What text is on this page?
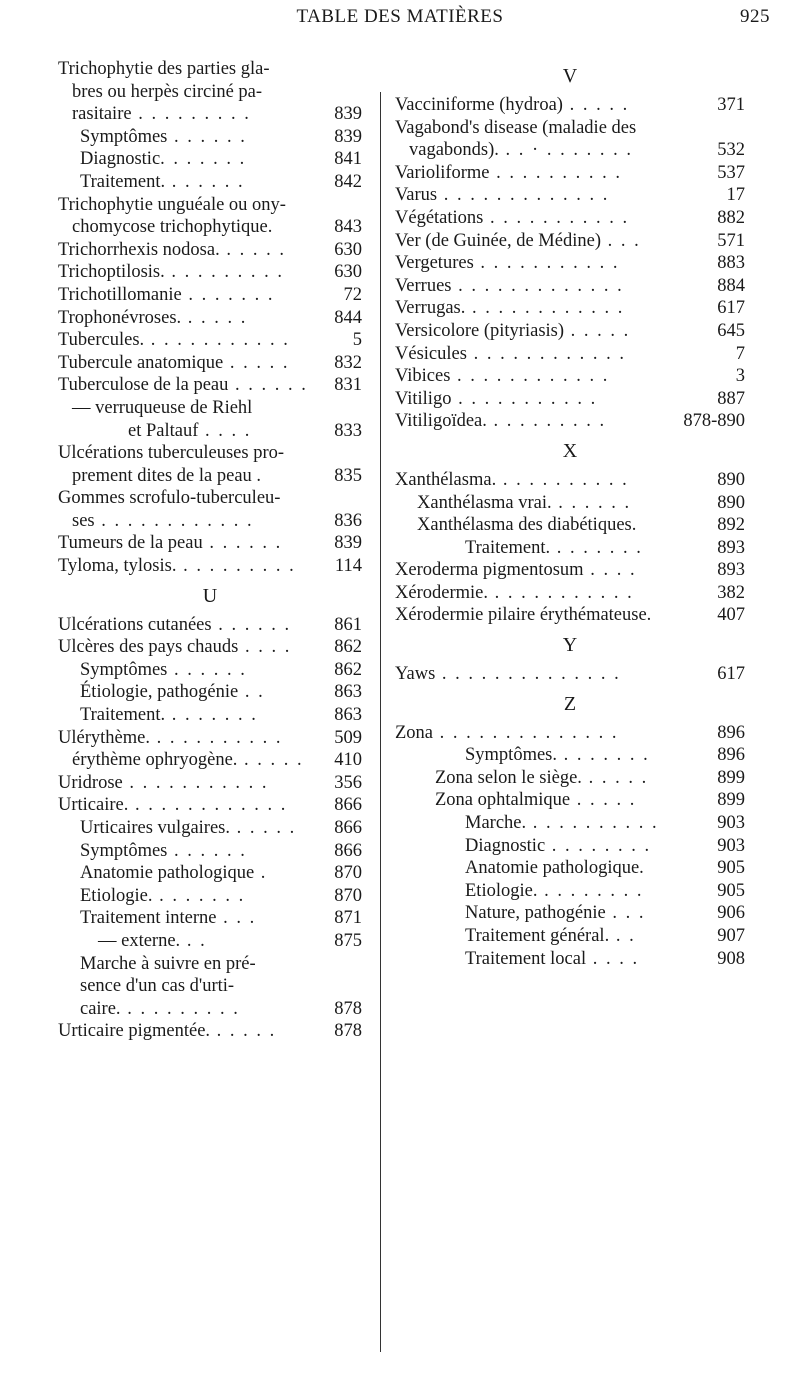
TABLE DES MATIÈRES	925
Trichophytie des parties gla-
bres ou herpès circiné pa-
rasitaire . . . . . . . . .	839
Symptômes . . . . . .	839
Diagnostic. . . . . . .	841
Traitement. . . . . . .	842
Trichophytie unguéale ou ony-
chomycose trichophytique.	843
Trichorrhexis nodosa. . . . . .	630
Trichoptilosis. . . . . . . . . .	630
Trichotillomanie . . . . . . .	72
Trophonévroses. . . . . .	844
Tubercules. . . . . . . . . . . .	5
Tubercule anatomique . . . . . 832
Tuberculose de la peau . . . . . . 831
— verruqueuse de Riehl
et Paltauf . . . .	833
Ulcérations tuberculeuses pro-
prement dites de la peau .	835
Gommes scrofulo-tuberculeu-
ses . . . . . . . . . . . .	836
Tumeurs de la peau . . . . . .	839
Tyloma, tylosis. . . . . . . . . . 114
U
Ulcérations cutanées . . . . . . 861
Ulcères des pays chauds . . . . 862
Symptômes . . . . . .	862
Étiologie, pathogénie . .	863
Traitement. . . . . . . .	863
Ulérythème. . . . . . . . . . .	509
érythème ophryogène. . . . . . 410
Uridrose . . . . . . . . . . .	356
Urticaire. . . . . . . . . . . . .	866
Urticaires vulgaires. . . . . . 866
Symptômes . . . . . .	866
Anatomie pathologique .	870
Etiologie. . . . . . . .	870
Traitement interne . . .	871
— externe. . .	875
Marche à suivre en pré-
sence d'un cas d'urti-
caire. . . . . . . . . .	878
Urticaire pigmentée. . . . . .	878
V
Vacciniforme (hydroa) . . . . .	371
Vagabond's disease (maladie des
vagabonds). . . · . . . . . . .	532
Varioliforme . . . . . . . . . .	537
Varus . . . . . . . . . . . . .	17
Végétations . . . . . . . . . . .	882
Ver (de Guinée, de Médine) . . .	571
Vergetures . . . . . . . . . . .	883
Verrues . . . . . . . . . . . . .	884
Verrugas. . . . . . . . . . . . .	617
Versicolore (pityriasis) . . . . .	645
Vésicules . . . . . . . . . . . .	7
Vibices . . . . . . . . . . . .	3
Vitiligo . . . . . . . . . . .	887
Vitiligoïdea. . . . . . . . . .	878-890
X
Xanthélasma. . . . . . . . . . .	890
Xanthélasma vrai. . . . . . .	890
Xanthélasma des diabétiques.	892
Traitement. . . . . . . .	893
Xeroderma pigmentosum . . . .	893
Xérodermie. . . . . . . . . . . .	382
Xérodermie pilaire érythémateuse.	407
Y
Yaws . . . . . . . . . . . . . .	617
Z
Zona . . . . . . . . . . . . . .	896
Symptômes. . . . . . . .	896
Zona selon le siège. . . . . .	899
Zona ophtalmique . . . . .	899
Marche. . . . . . . . . . .	903
Diagnostic . . . . . . . .	903
Anatomie pathologique.	905
Etiologie. . . . . . . . .	905
Nature, pathogénie . . .	906
Traitement général. . .	907
Traitement local . . . .	908
